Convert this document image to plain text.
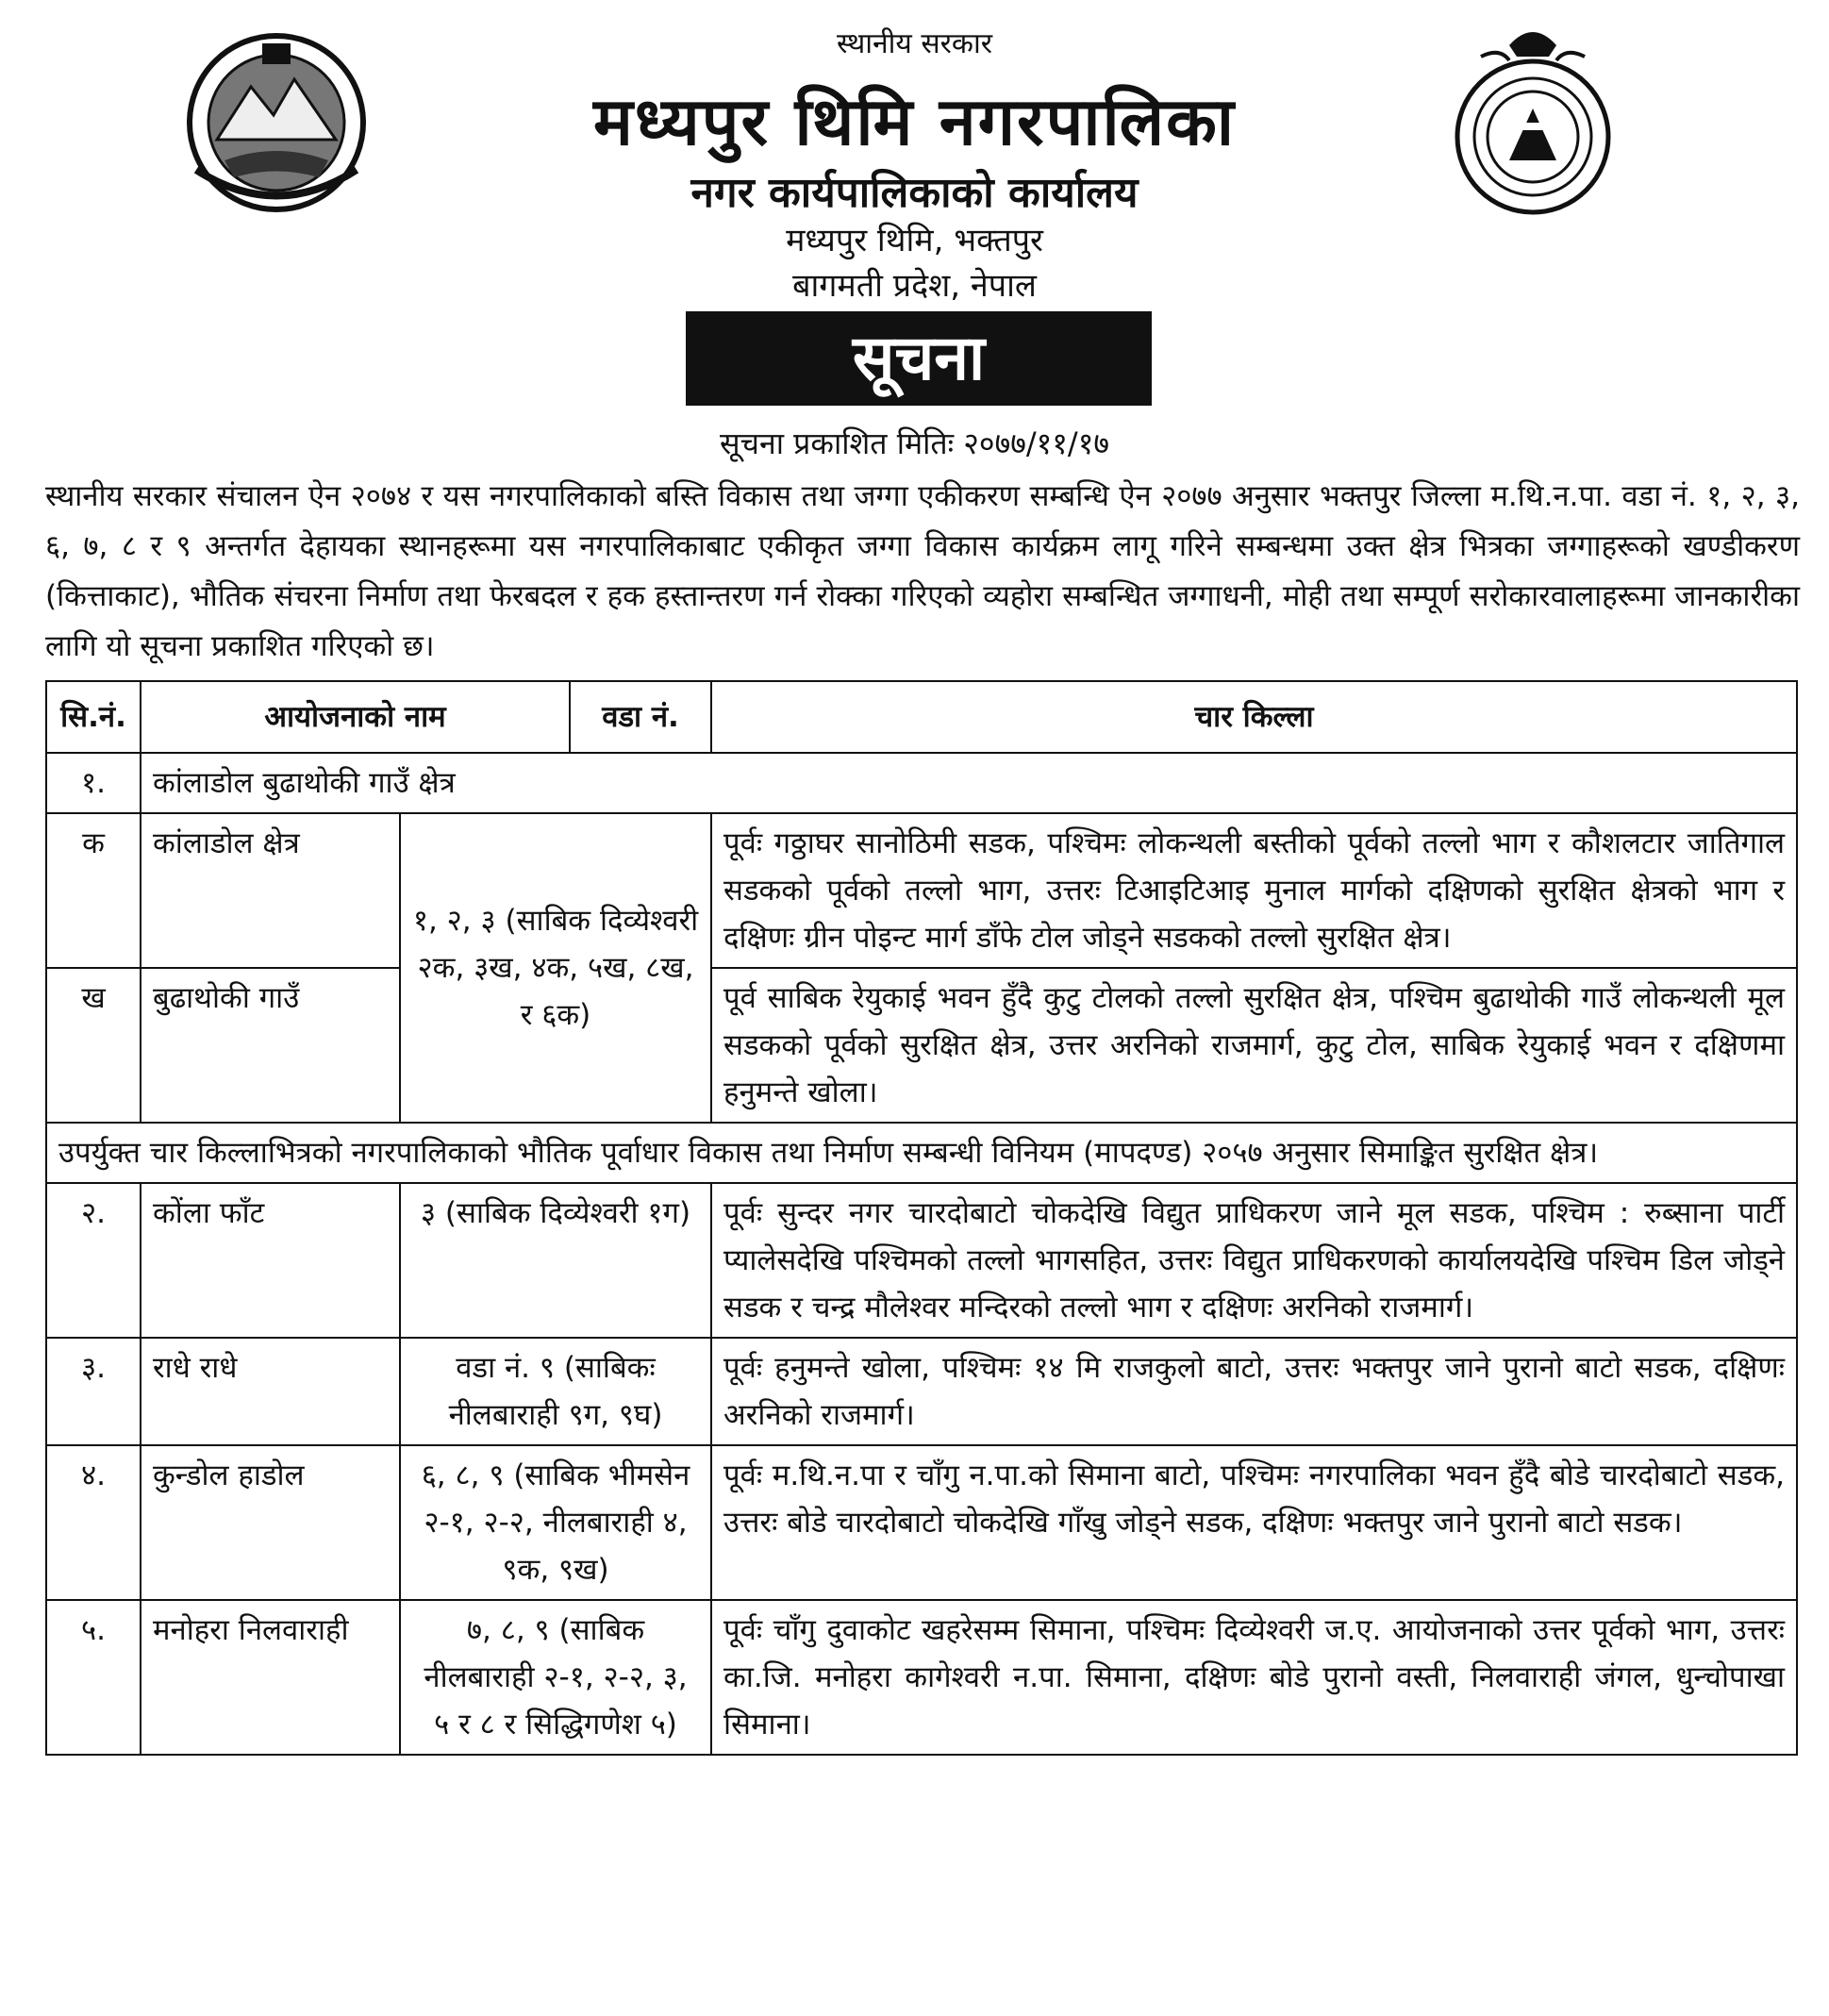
स्थानीय सरकार
मध्यपुर थिमि नगरपालिका
नगर कार्यपालिकाको कार्यालय
मध्यपुर थिमि, भक्तपुर
बागमती प्रदेश, नेपाल
सूचना
सूचना प्रकाशित मितिः २०७७/११/१७

स्थानीय सरकार संचालन ऐन २०७४ र यस नगरपालिकाको बस्ति विकास तथा जग्गा एकीकरण सम्बन्धि ऐन २०७७ अनुसार भक्तपुर जिल्ला म.थि.न.पा. वडा नं. १, २, ३, ६, ७, ८ र ९ अन्तर्गत देहायका स्थानहरूमा यस नगरपालिकाबाट एकीकृत जग्गा विकास कार्यक्रम लागू गरिने सम्बन्धमा उक्त क्षेत्र भित्रका जग्गाहरूको खण्डीकरण (कित्ताकाट), भौतिक संचरना निर्माण तथा फेरबदल र हक हस्तान्तरण गर्न रोक्का गरिएको व्यहोरा सम्बन्धित जग्गाधनी, मोही तथा सम्पूर्ण सरोकारवालाहरूमा जानकारीका लागि यो सूचना प्रकाशित गरिएको छ।

सि.नं.	आयोजनाको नाम		वडा नं.	चार किल्ला
१.	कांलाडोल बुढाथोकी गाउँ क्षेत्र			
क	कांलाडोल क्षेत्र	१, २, ३ (साबिक दिव्येश्वरी २क, ३ख, ४क, ५ख, ८ख, र ६क)		पूर्वः गठ्ठाघर सानोठिमी सडक, पश्चिमः लोकन्थली बस्तीको पूर्वको तल्लो भाग र कौशलटार जातिगाल सडकको पूर्वको तल्लो भाग, उत्तरः टिआइटिआइ मुनाल मार्गको दक्षिणको सुरक्षित क्षेत्रको भाग र दक्षिणः ग्रीन पोइन्ट मार्ग डाँफे टोल जोड्ने सडकको तल्लो सुरक्षित क्षेत्र।
ख	बुढाथोकी गाउँ			पूर्व साबिक रेयुकाई भवन हुँदै कुटु टोलको तल्लो सुरक्षित क्षेत्र, पश्चिम बुढाथोकी गाउँ लोकन्थली मूल सडकको पूर्वको सुरक्षित क्षेत्र, उत्तर अरनिको राजमार्ग, कुटु टोल, साबिक रेयुकाई भवन र दक्षिणमा हनुमन्ते खोला।
उपर्युक्त चार किल्लाभित्रको नगरपालिकाको भौतिक पूर्वाधार विकास तथा निर्माण सम्बन्धी विनियम (मापदण्ड) २०५७ अनुसार सिमाङ्कित सुरक्षित क्षेत्र।				
२.	कोंला फाँट	३ (साबिक दिव्येश्वरी १ग)		पूर्वः सुन्दर नगर चारदोबाटो चोकदेखि विद्युत प्राधिकरण जाने मूल सडक, पश्चिम : रुब्साना पार्टी प्यालेसदेखि पश्चिमको तल्लो भागसहित, उत्तरः विद्युत प्राधिकरणको कार्यालयदेखि पश्चिम डिल जोड्ने सडक र चन्द्र मौलेश्वर मन्दिरको तल्लो भाग र दक्षिणः अरनिको राजमार्ग।
३.	राधे राधे	वडा नं. ९ (साबिकः नीलबाराही ९ग, ९घ)		पूर्वः हनुमन्ते खोला, पश्चिमः १४ मि राजकुलो बाटो, उत्तरः भक्तपुर जाने पुरानो बाटो सडक, दक्षिणः अरनिको राजमार्ग।
४.	कुन्डोल हाडोल	६, ८, ९ (साबिक भीमसेन २-१, २-२, नीलबाराही ४, ९क, ९ख)		पूर्वः म.थि.न.पा र चाँगु न.पा.को सिमाना बाटो, पश्चिमः नगरपालिका भवन हुँदै बोडे चारदोबाटो सडक, उत्तरः बोडे चारदोबाटो चोकदेखि गाँखु जोड्ने सडक, दक्षिणः भक्तपुर जाने पुरानो बाटो सडक।
५.	मनोहरा निलवाराही	७, ८, ९ (साबिक नीलबाराही २-१, २-२, ३, ५ र ८ र सिद्धिगणेश ५)		पूर्वः चाँगु दुवाकोट खहरेसम्म सिमाना, पश्चिमः दिव्येश्वरी ज.ए. आयोजनाको उत्तर पूर्वको भाग, उत्तरः का.जि. मनोहरा कागेश्वरी न.पा. सिमाना, दक्षिणः बोडे पुरानो वस्ती, निलवाराही जंगल, धुन्चोपाखा सिमाना।
